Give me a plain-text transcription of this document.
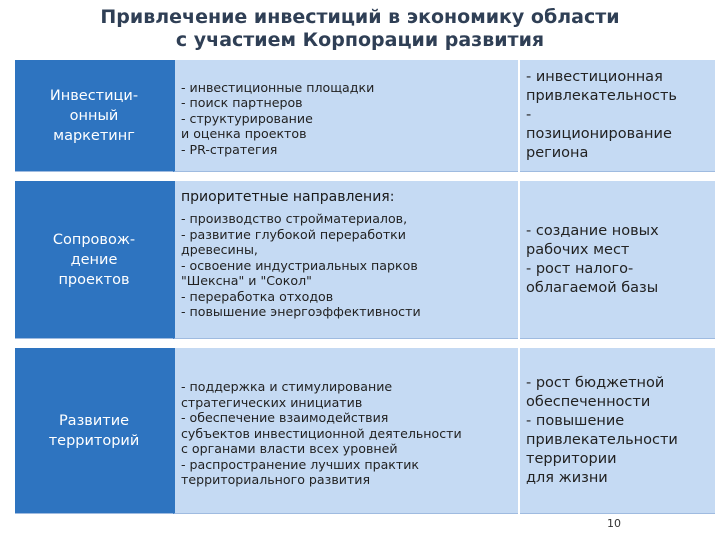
Привлечение инвестиций в экономику области
с участием Корпорации развития
Инвестици-
онный
маркетинг
- инвестиционные площадки
- поиск партнеров
- структурирование
и оценка проектов
- PR-стратегия
- инвестиционная
привлекательность
-
позиционирование
региона
Сопровож-
дение
проектов
приоритетные направления:
- производство стройматериалов,
- развитие глубокой переработки
древесины,
- освоение индустриальных парков
"Шексна" и "Сокол"
- переработка отходов
- повышение энергоэффективности
- создание новых
рабочих мест
- рост налого-
облагаемой базы
Развитие
территорий
- поддержка и стимулирование
стратегических инициатив
- обеспечение взаимодействия
субъектов инвестиционной деятельности
с органами власти всех уровней
- распространение лучших практик
территориального развития
- рост бюджетной
обеспеченности
- повышение
привлекательности
территории
для жизни
10
